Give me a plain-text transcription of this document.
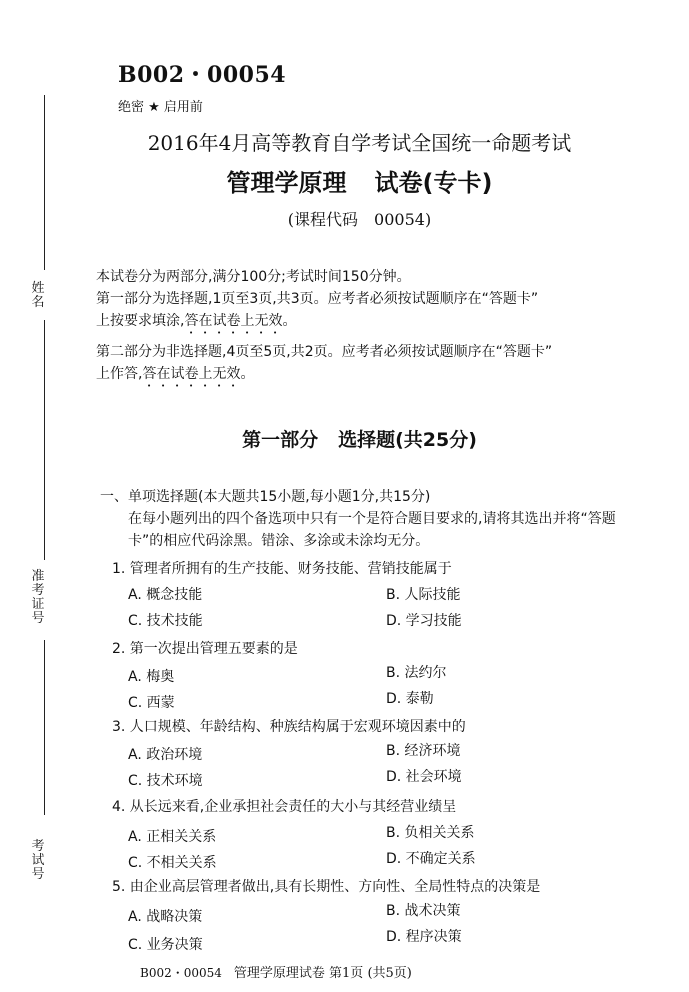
姓名
准考证号
考试号
B002・00054
绝密 ★ 启用前
2016年4月高等教育自学考试全国统一命题考试
管理学原理 试卷(专卡)
(课程代码 00054)
本试卷分为两部分,满分100分;考试时间150分钟。
第一部分为选择题,1页至3页,共3页。应考者必须按试题顺序在“答题卡”
上按要求填涂,答在试卷上无效。
第二部分为非选择题,4页至5页,共2页。应考者必须按试题顺序在“答题卡”
上作答,答在试卷上无效。
第一部分 选择题(共25分)
一、单项选择题(本大题共15小题,每小题1分,共15分)
在每小题列出的四个备选项中只有一个是符合题目要求的,请将其选出并将“答题卡”的相应代码涂黑。错涂、多涂或未涂均无分。
1. 管理者所拥有的生产技能、财务技能、营销技能属于
A. 概念技能	B. 人际技能
C. 技术技能	D. 学习技能
2. 第一次提出管理五要素的是
A. 梅奥	B. 法约尔
C. 西蒙	D. 泰勒
3. 人口规模、年龄结构、种族结构属于宏观环境因素中的
A. 政治环境	B. 经济环境
C. 技术环境	D. 社会环境
4. 从长远来看,企业承担社会责任的大小与其经营业绩呈
A. 正相关关系	B. 负相关关系
C. 不相关关系	D. 不确定关系
5. 由企业高层管理者做出,具有长期性、方向性、全局性特点的决策是
A. 战略决策	B. 战术决策
C. 业务决策	D. 程序决策
B002・00054 管理学原理试卷 第1页 (共5页)
